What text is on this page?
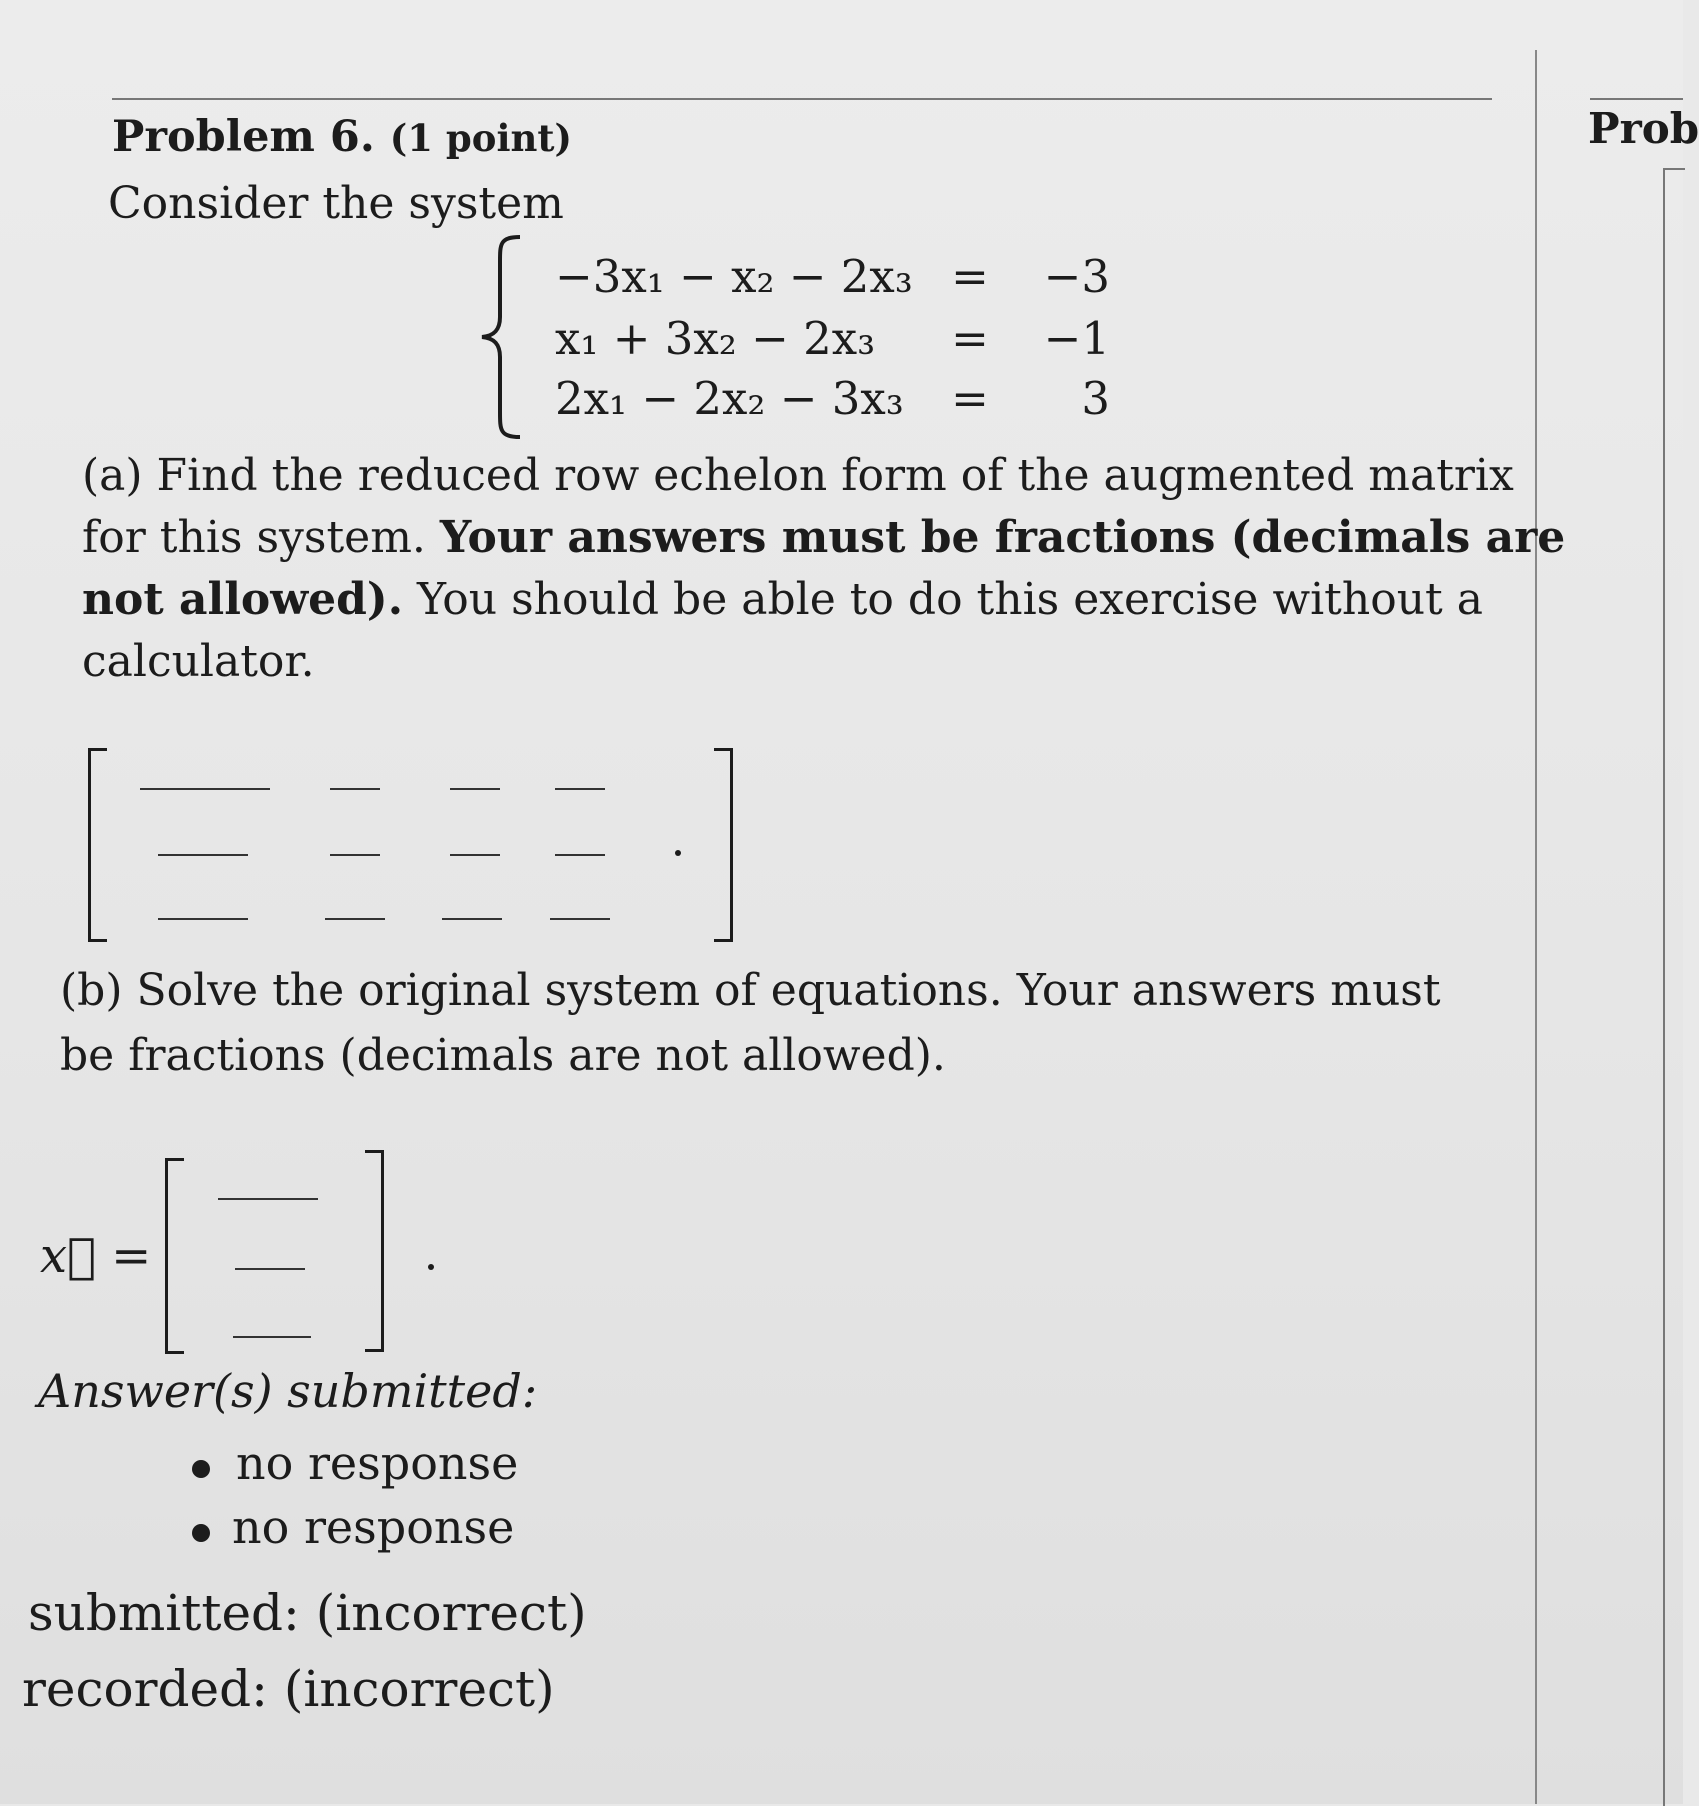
Prob
Problem 6. (1 point)
Consider the system
−3x₁ − x₂ − 2x₃ =	−3
x₁ + 3x₂ − 2x₃ =	−1
2x₁ − 2x₂ − 3x₃ =	3
(a) Find the reduced row echelon form of the augmented matrix
for this system. Your answers must be fractions (decimals are
not allowed). You should be able to do this exercise without a
calculator.
(b) Solve the original system of equations. Your answers must
be fractions (decimals are not allowed).
x⃗ =
Answer(s) submitted:
no response
no response
submitted: (incorrect)
recorded: (incorrect)
